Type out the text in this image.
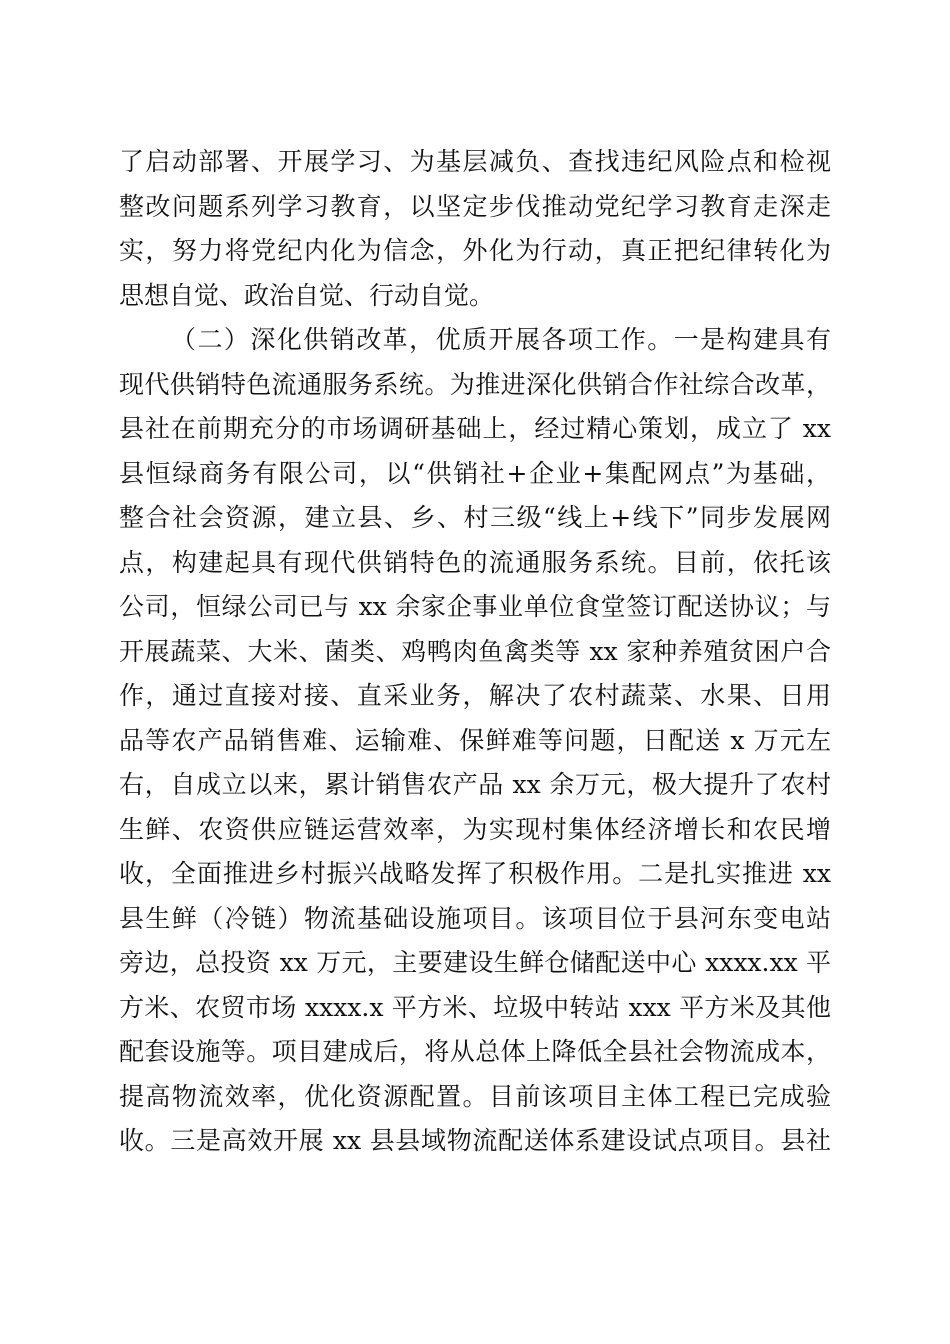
了启动部署、开展学习、为基层减负、查找违纪风险点和检视
整改问题系列学习教育，以坚定步伐推动党纪学习教育走深走
实，努力将党纪内化为信念，外化为行动，真正把纪律转化为
思想自觉、政治自觉、行动自觉。
（二）深化供销改革，优质开展各项工作。一是构建具有
现代供销特色流通服务系统。为推进深化供销合作社综合改革，
县社在前期充分的市场调研基础上，经过精心策划，成立了 xx
县恒绿商务有限公司，以“供销社+企业+集配网点”为基础，
整合社会资源，建立县、乡、村三级“线上+线下”同步发展网
点，构建起具有现代供销特色的流通服务系统。目前，依托该
公司，恒绿公司已与 xx 余家企事业单位食堂签订配送协议；与
开展蔬菜、大米、菌类、鸡鸭肉鱼禽类等 xx 家种养殖贫困户合
作，通过直接对接、直采业务，解决了农村蔬菜、水果、日用
品等农产品销售难、运输难、保鲜难等问题，日配送 x 万元左
右，自成立以来，累计销售农产品 xx 余万元，极大提升了农村
生鲜、农资供应链运营效率，为实现村集体经济增长和农民增
收，全面推进乡村振兴战略发挥了积极作用。二是扎实推进 xx
县生鲜（冷链）物流基础设施项目。该项目位于县河东变电站
旁边，总投资 xx 万元，主要建设生鲜仓储配送中心 xxxx.xx 平
方米、农贸市场 xxxx.x 平方米、垃圾中转站 xxx 平方米及其他
配套设施等。项目建成后，将从总体上降低全县社会物流成本，
提高物流效率，优化资源配置。目前该项目主体工程已完成验
收。三是高效开展 xx 县县域物流配送体系建设试点项目。县社
